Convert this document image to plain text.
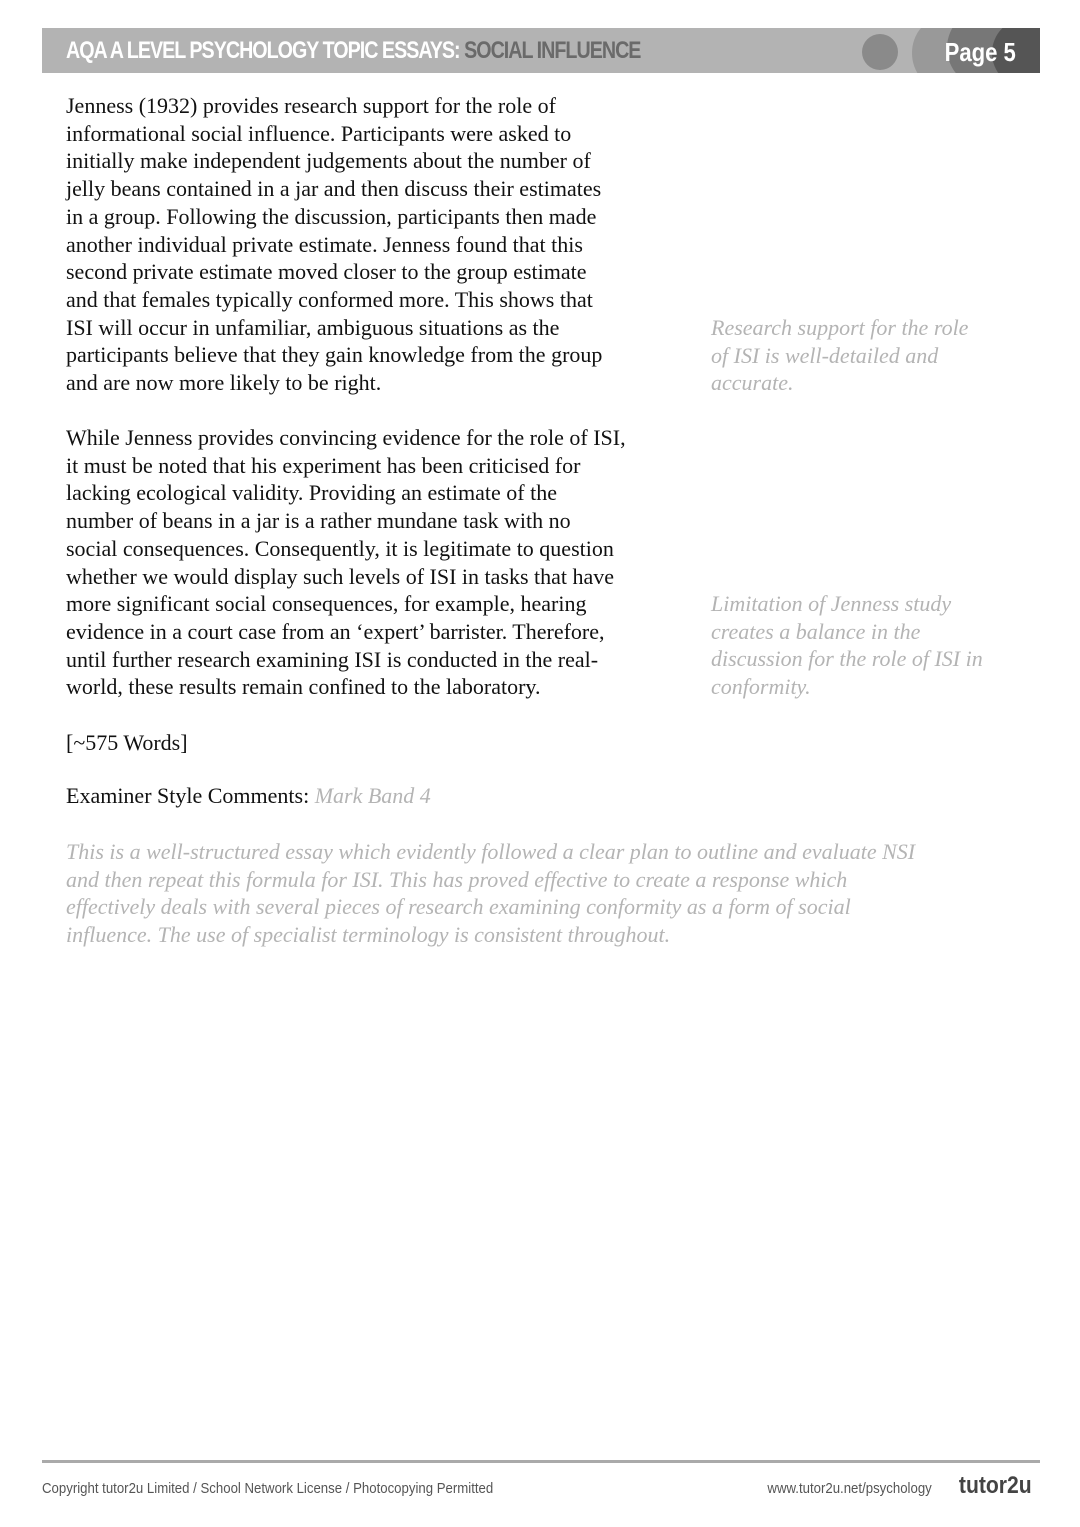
AQA A LEVEL PSYCHOLOGY TOPIC ESSAYS: SOCIAL INFLUENCE	Page 5
Jenness (1932) provides research support for the role of
informational social influence. Participants were asked to
initially make independent judgements about the number of
jelly beans contained in a jar and then discuss their estimates
in a group. Following the discussion, participants then made
another individual private estimate. Jenness found that this
second private estimate moved closer to the group estimate
and that females typically conformed more. This shows that
ISI will occur in unfamiliar, ambiguous situations as the
participants believe that they gain knowledge from the group
and are now more likely to be right.
While Jenness provides convincing evidence for the role of ISI,
it must be noted that his experiment has been criticised for
lacking ecological validity. Providing an estimate of the
number of beans in a jar is a rather mundane task with no
social consequences. Consequently, it is legitimate to question
whether we would display such levels of ISI in tasks that have
more significant social consequences, for example, hearing
evidence in a court case from an ‘expert’ barrister. Therefore,
until further research examining ISI is conducted in the real-
world, these results remain confined to the laboratory.
Research support for the role
of ISI is well-detailed and
accurate.
Limitation of Jenness study
creates a balance in the
discussion for the role of ISI in
conformity.
[~575 Words]
Examiner Style Comments: Mark Band 4
This is a well-structured essay which evidently followed a clear plan to outline and evaluate NSI
and then repeat this formula for ISI. This has proved effective to create a response which
effectively deals with several pieces of research examining conformity as a form of social
influence. The use of specialist terminology is consistent throughout.
Copyright tutor2u Limited / School Network License / Photocopying Permitted	www.tutor2u.net/psychology tutor2u
